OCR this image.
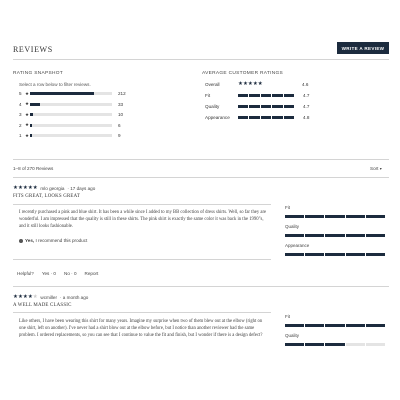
REVIEWS	WRITE A REVIEW
RATING SNAPSHOT
Select a row below to filter reviews.
5 ★	212
4 ★	33
3 ★	10
2 ★	6
1 ★	9
AVERAGE CUSTOMER RATINGS
Overall	★ ★ ★ ★ ★	4.6
Fit	4.7
Quality	4.7
Appearance	4.8
1–8 of 270 Reviews	Sort ▾
★ ★ ★ ★ ★ mlo georgia · 17 days ago
FITS GREAT, LOOKS GREAT
I recently purchased a pink and blue shirt. It has been a while since I added to my BB collection of dress shirts. Well, so far they are wonderful. I am impressed that the quality is still in these shirts. The pink shirt is exactly the same color it was back in the 1990"s, and it still looks fashionable.
Yes, I recommend this product
Helpful? Yes · 0 No · 0 Report
Fit
Quality
Appearance
★ ★ ★ ★ ★ wcmiller · a month ago
A WELL MADE CLASSIC
Like others, I have been wearing this shirt for many years. Imagine my surprise when two of them blew out at the elbow (right on one shirt, left on another). I've never had a shirt blow out at the elbow before, but I notice than another reviewer had the same problem. I ordered replacements, so you can see that I continue to value the fit and finish, but I wonder if there is a design defect?
Fit
Quality
